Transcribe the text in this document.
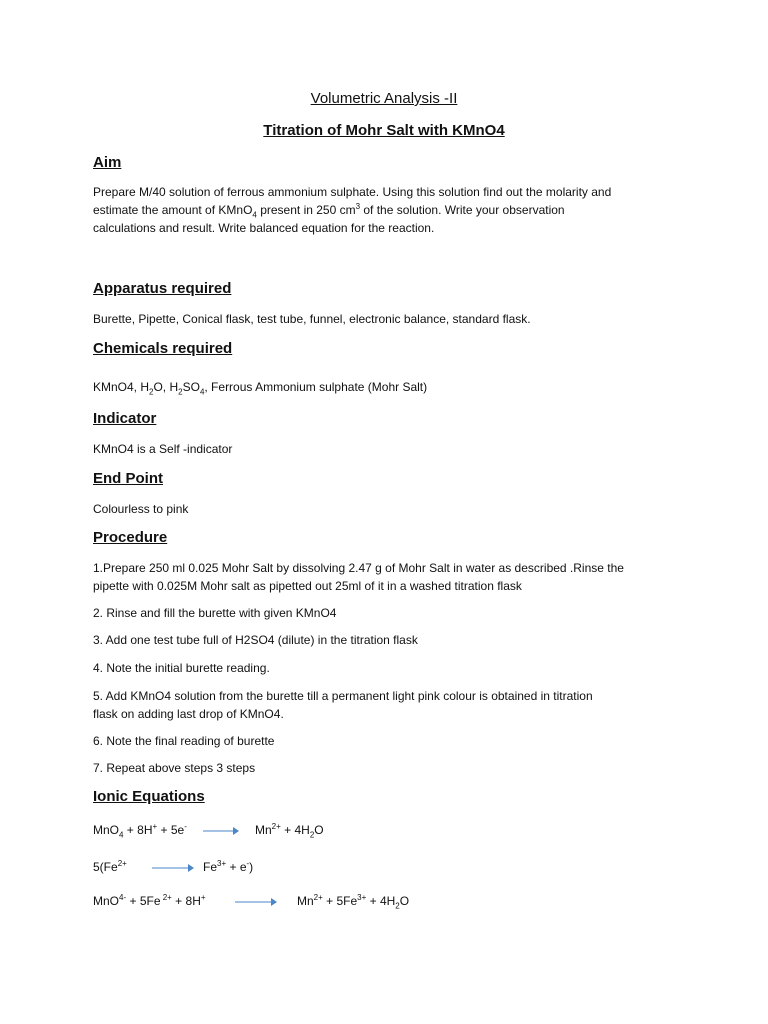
Volumetric Analysis -II
Titration of Mohr Salt with KMnO4
Aim
Prepare M/40 solution of ferrous ammonium sulphate. Using this solution find out the molarity and
estimate the amount of KMnO$_4$ present in 250 $cm^3$ of the solution. Write your observation
calculations and result. Write balanced equation for the reaction.
Apparatus required
Burette, Pipette, Conical flask, test tube, funnel, electronic balance, standard flask.
Chemicals required
KMnO4, $H_2O$, $H_2SO_4$, Ferrous Ammonium sulphate (Mohr Salt)
Indicator
KMnO4 is a Self -indicator
End Point
Colourless to pink
Procedure
1.Prepare 250 ml 0.025 Mohr Salt by dissolving 2.47 g of Mohr Salt in water as described .Rinse the
pipette with 0.025M Mohr salt as pipetted out 25ml of it in a washed titration flask
2. Rinse and fill the burette with given KMnO4
3. Add one test tube full of H2SO4 (dilute) in the titration flask
4. Note the initial burette reading.
5. Add KMnO4 solution from the burette till a permanent light pink colour is obtained in titration
flask on adding last drop of KMnO4.
6. Note the final reading of burette
7. Repeat above steps 3 steps
Ionic Equations
MnO$_4$ + 8H+ + 5e-	$Mn^{2+} + 4H_2O$
$5(Fe^{2+}$	$Fe^{3+} + e^-$)
MnO$^{4-}$ + 5Fe $^{2+}$ + 8H+	$Mn^{2+} + 5Fe^{3+} + 4H_2O$
